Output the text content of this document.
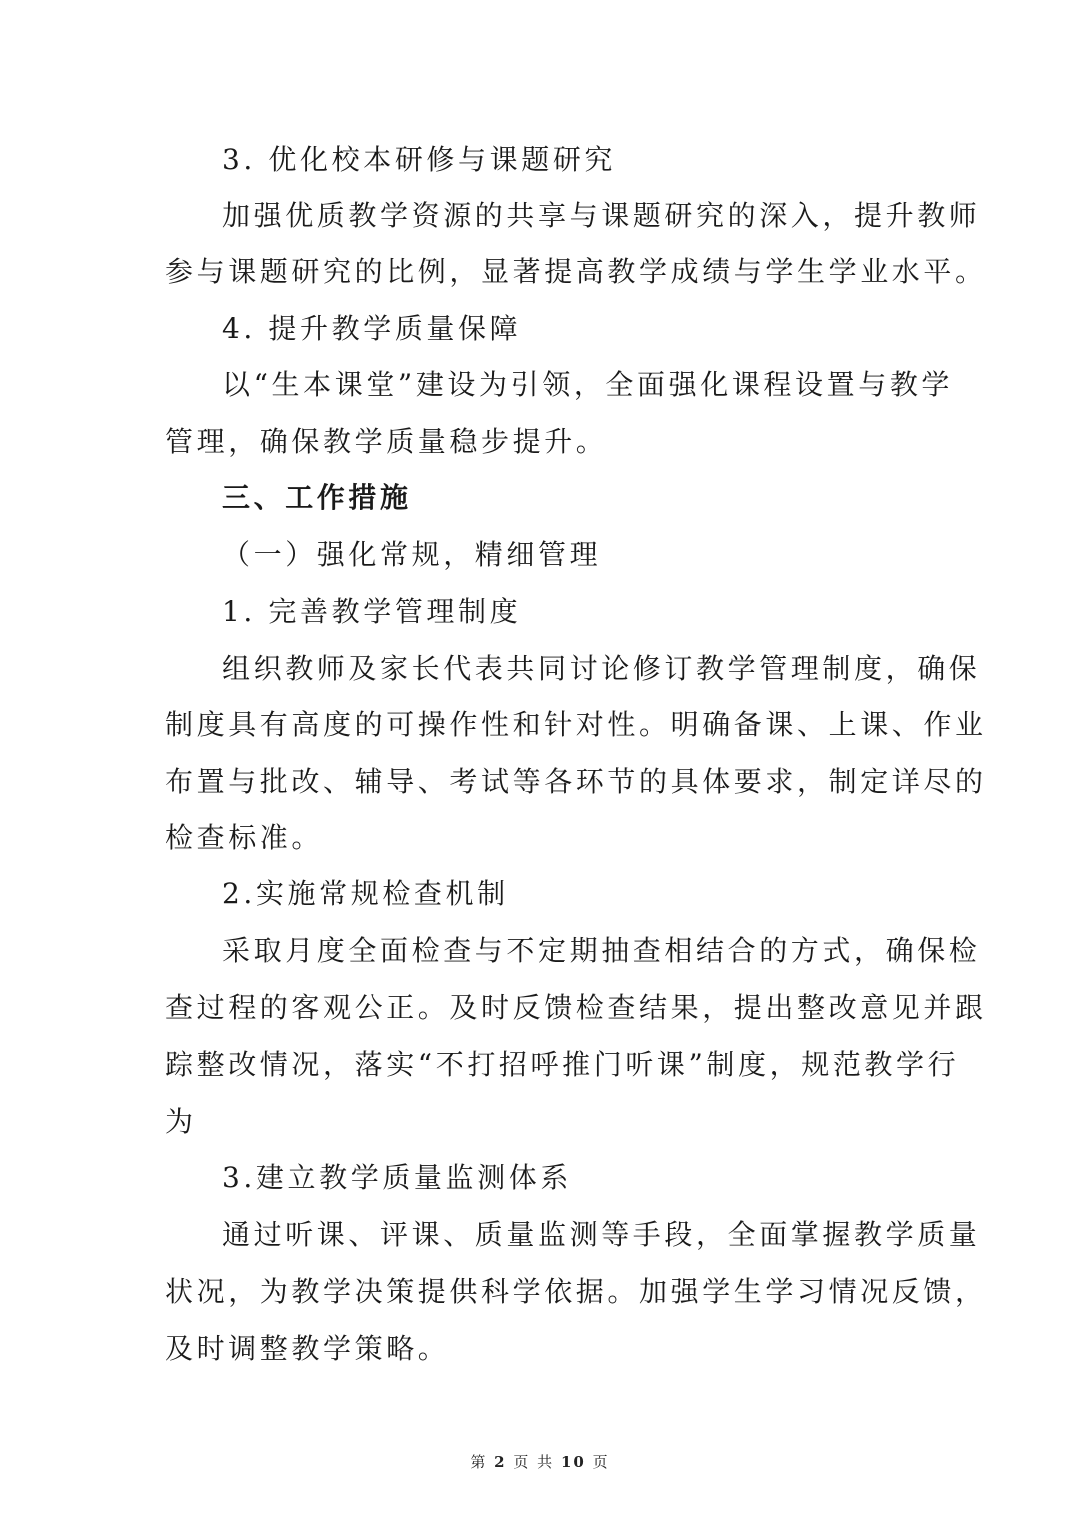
3. 优化校本研修与课题研究
加强优质教学资源的共享与课题研究的深入，提升教师
参与课题研究的比例，显著提高教学成绩与学生学业水平。
4. 提升教学质量保障
以“生本课堂”建设为引领，全面强化课程设置与教学
管理，确保教学质量稳步提升。
三、工作措施
（一）强化常规，精细管理
1. 完善教学管理制度
组织教师及家长代表共同讨论修订教学管理制度，确保
制度具有高度的可操作性和针对性。明确备课、上课、作业
布置与批改、辅导、考试等各环节的具体要求，制定详尽的
检查标准。
2.实施常规检查机制
采取月度全面检查与不定期抽查相结合的方式，确保检
查过程的客观公正。及时反馈检查结果，提出整改意见并跟
踪整改情况，落实“不打招呼推门听课”制度，规范教学行
为
3.建立教学质量监测体系
通过听课、评课、质量监测等手段，全面掌握教学质量
状况，为教学决策提供科学依据。加强学生学习情况反馈，
及时调整教学策略。
第 2 页 共 10 页
